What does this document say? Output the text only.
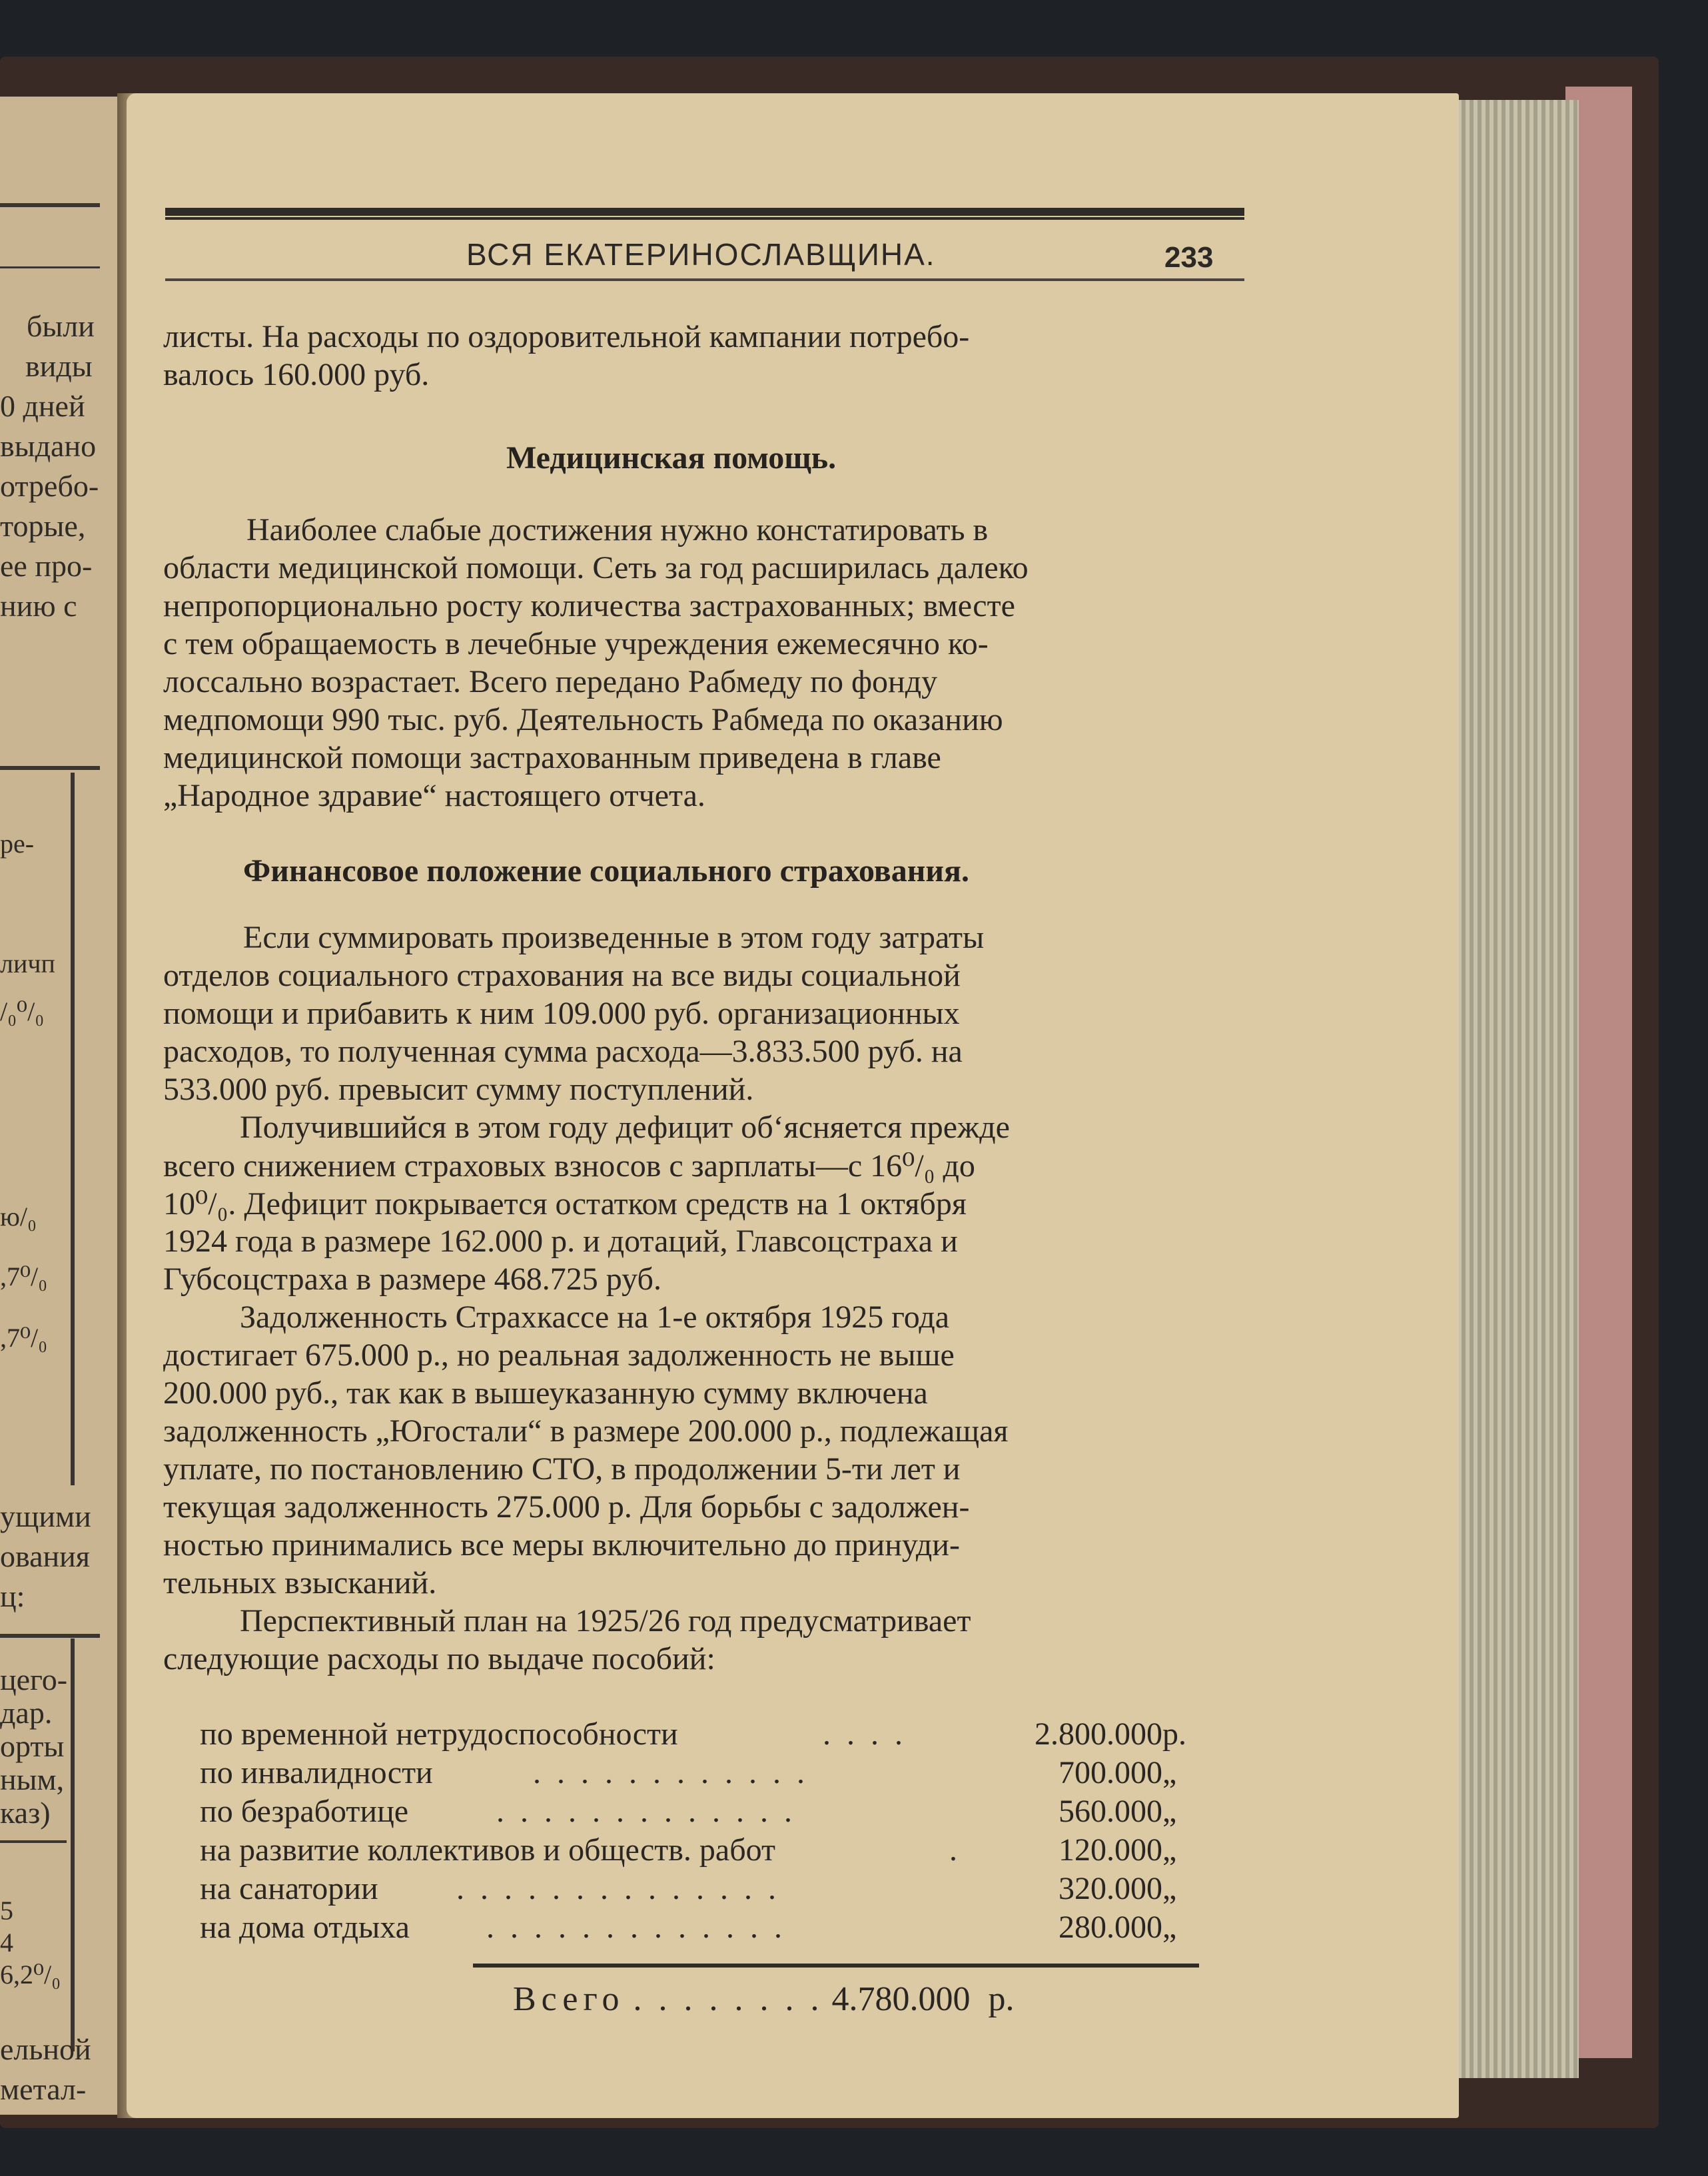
были
виды
0 дней
выдано
отребо-
торые,
ее про-
нию с
ре-
личп
/₀⁰/₀
ю/₀
,7⁰/₀
,7⁰/₀
ущими
ования
ц:
цего-
дар.
орты
ным,
каз)
5
4
6,2⁰/₀
ельной
метал-
ВСЯ ЕКАТЕРИНОСЛАВЩИНА.	233
листы. На расходы по оздоровительной кампании потребо-
валось 160.000 руб.
Медицинская помощь.
Наиболее слабые достижения нужно констатировать в
области медицинской помощи. Сеть за год расширилась далеко
непропорционально росту количества застрахованных; вместе
с тем обращаемость в лечебные учреждения ежемесячно ко-
лоссально возрастает. Всего передано Рабмеду по фонду
медпомощи 990 тыс. руб. Деятельность Рабмеда по оказанию
медицинской помощи застрахованным приведена в главе
„Народное здравие“ настоящего отчета.
Финансовое положение социального страхования.
Если суммировать произведенные в этом году затраты
отделов социального страхования на все виды социальной
помощи и прибавить к ним 109.000 руб. организационных
расходов, то полученная сумма расхода—3.833.500 руб. на
533.000 руб. превысит сумму поступлений.
Получившийся в этом году дефицит об‘ясняется прежде
всего снижением страховых взносов с зарплаты—с 16⁰/₀ до
10⁰/₀. Дефицит покрывается остатком средств на 1 октября
1924 года в размере 162.000 р. и дотаций, Главсоцстраха и
Губсоцстраха в размере 468.725 руб.
Задолженность Страхкассе на 1-е октября 1925 года
достигает 675.000 р., но реальная задолженность не выше
200.000 руб., так как в вышеуказанную сумму включена
задолженность „Югостали“ в размере 200.000 р., подлежащая
уплате, по постановлению СТО, в продолжении 5-ти лет и
текущая задолженность 275.000 р. Для борьбы с задолжен-
ностью принимались все меры включительно до принуди-
тельных взысканий.
Перспективный план на 1925/26 год предусматривает
следующие расходы по выдаче пособий:
по временной нетрудоспособности	. . . .	2.800.000 р.
по инвалидности	. . . . . . . . . . . .	700.000 „
по безработице	. . . . . . . . . . . . .	560.000 „
на развитие коллективов и обществ. работ	.	120.000 „
на санатории . . . . . . . . . . . . . .	320.000 „
на дома отдыха . . . . . . . . . . . . .	280.000 „
Всего . . . . . . . . 4.780.000 р.
